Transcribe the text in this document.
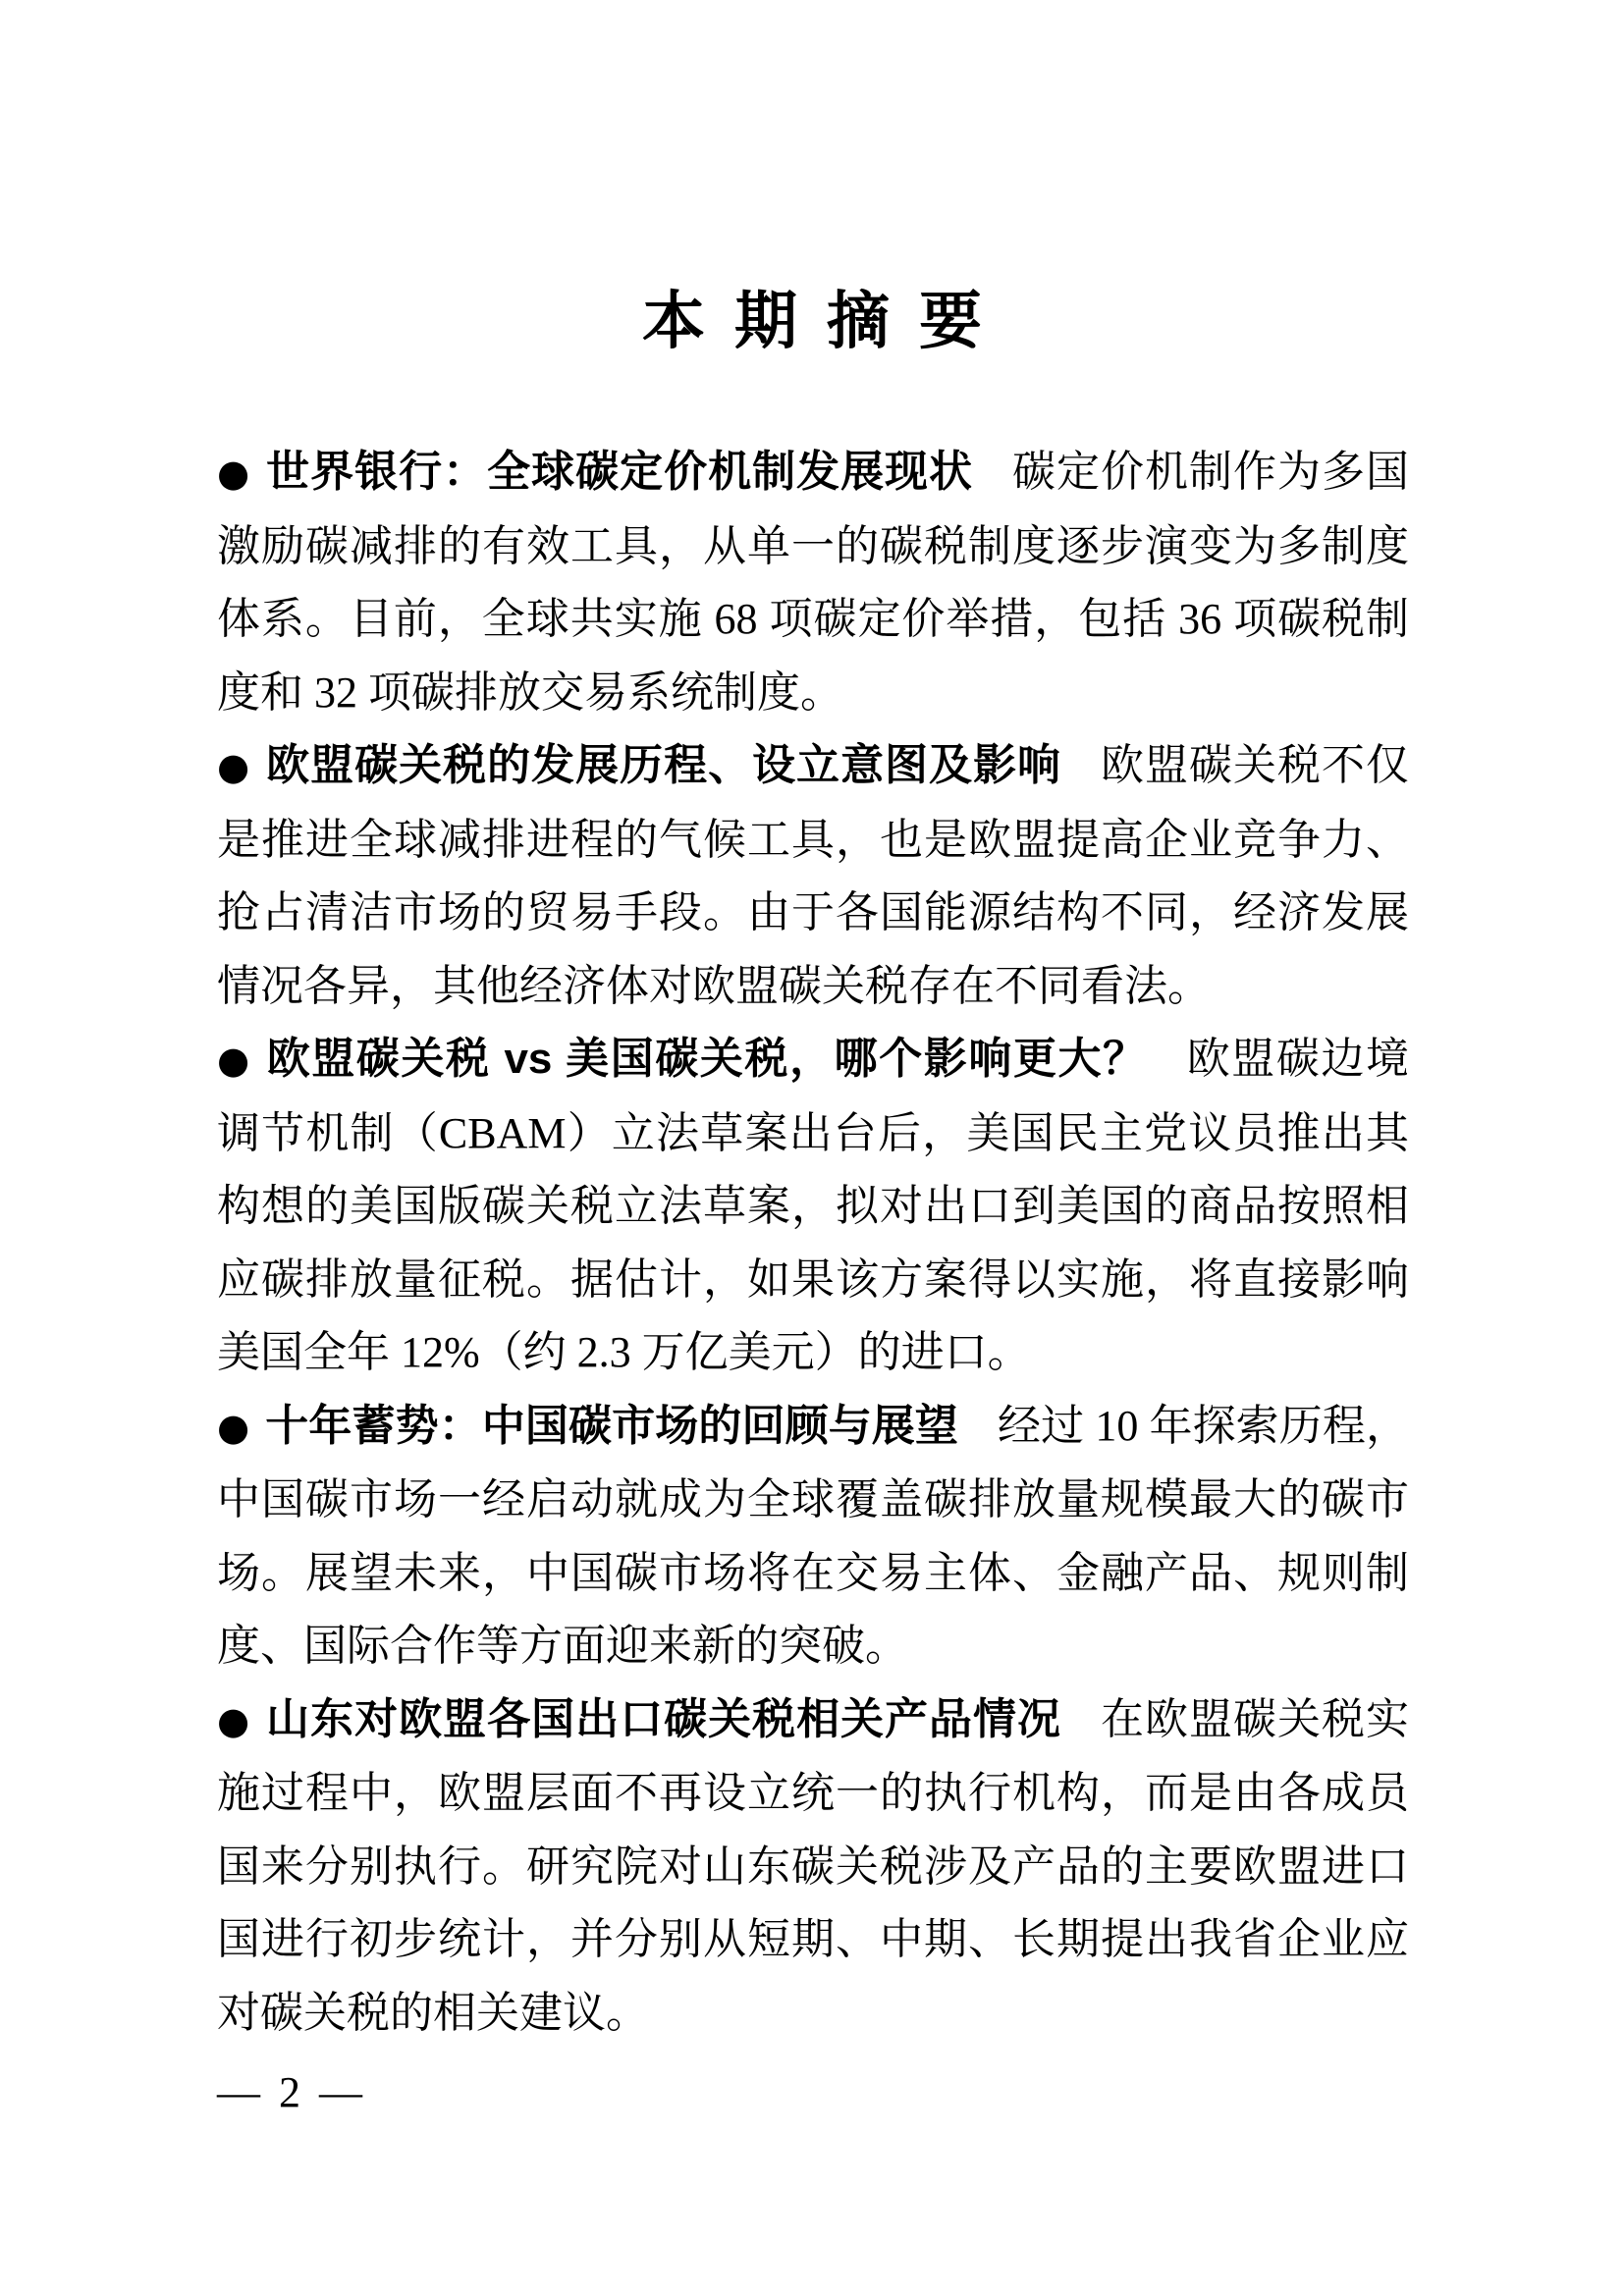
本 期 摘 要

● 世界银行：全球碳定价机制发展现状 碳定价机制作为多国激励碳减排的有效工具，从单一的碳税制度逐步演变为多制度体系。目前，全球共实施 68 项碳定价举措，包括 36 项碳税制度和 32 项碳排放交易系统制度。

● 欧盟碳关税的发展历程、设立意图及影响 欧盟碳关税不仅是推进全球减排进程的气候工具，也是欧盟提高企业竞争力、抢占清洁市场的贸易手段。由于各国能源结构不同，经济发展情况各异，其他经济体对欧盟碳关税存在不同看法。

● 欧盟碳关税 vs 美国碳关税，哪个影响更大？ 欧盟碳边境调节机制（CBAM）立法草案出台后，美国民主党议员推出其构想的美国版碳关税立法草案，拟对出口到美国的商品按照相应碳排放量征税。据估计，如果该方案得以实施，将直接影响美国全年 12%（约 2.3 万亿美元）的进口。

● 十年蓄势：中国碳市场的回顾与展望 经过 10 年探索历程，中国碳市场一经启动就成为全球覆盖碳排放量规模最大的碳市场。展望未来，中国碳市场将在交易主体、金融产品、规则制度、国际合作等方面迎来新的突破。

● 山东对欧盟各国出口碳关税相关产品情况 在欧盟碳关税实施过程中，欧盟层面不再设立统一的执行机构，而是由各成员国来分别执行。研究院对山东碳关税涉及产品的主要欧盟进口国进行初步统计，并分别从短期、中期、长期提出我省企业应对碳关税的相关建议。

— 2 —
